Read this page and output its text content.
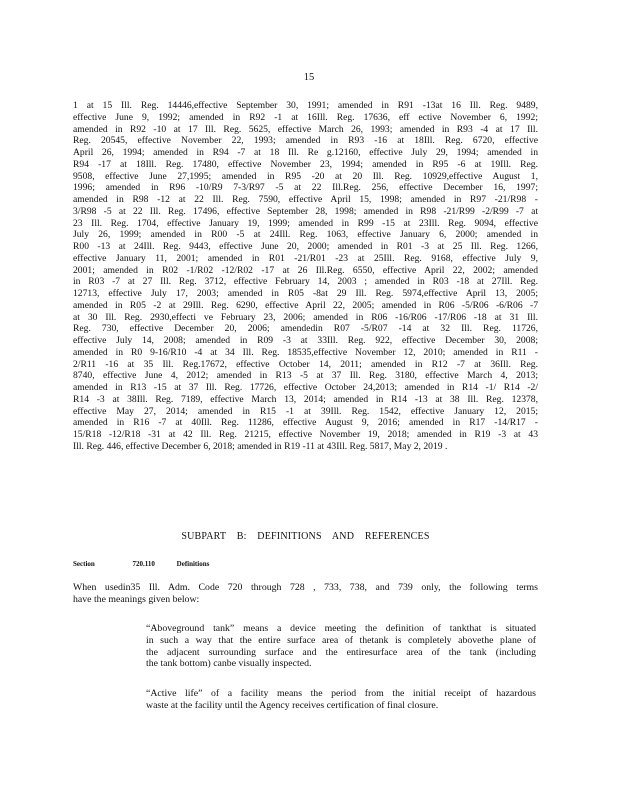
15
1 at 15 Ill. Reg. 14446,effective September 30, 1991; amended in R91 -13at 16 Ill. Reg. 9489,
effective June 9, 1992; amended in R92 -1 at 16Ill. Reg. 17636, eff ective November 6, 1992;
amended in R92 -10 at 17 Ill. Reg. 5625, effective March 26, 1993; amended in R93 -4 at 17 Ill.
Reg. 20545, effective November 22, 1993; amended in R93 -16 at 18Ill. Reg. 6720, effective
April 26, 1994; amended in R94 -7 at 18 Ill. Re g.12160, effective July 29, 1994; amended in
R94 -17 at 18Ill. Reg. 17480, effective November 23, 1994; amended in R95 -6 at 19Ill. Reg.
9508, effective June 27,1995; amended in R95 -20 at 20 Ill. Reg. 10929,effective August 1,
1996; amended in R96 -10/R9 7-3/R97 -5 at 22 Ill.Reg. 256, effective December 16, 1997;
amended in R98 -12 at 22 Ill. Reg. 7590, effective April 15, 1998; amended in R97 -21/R98 -
3/R98 -5 at 22 Ill. Reg. 17496, effective September 28, 1998; amended in R98 -21/R99 -2/R99 -7 at
23 Ill. Reg. 1704, effective January 19, 1999; amended in R99 -15 at 23Ill. Reg. 9094, effective
July 26, 1999; amended in R00 -5 at 24Ill. Reg. 1063, effective January 6, 2000; amended in
R00 -13 at 24Ill. Reg. 9443, effective June 20, 2000; amended in R01 -3 at 25 Ill. Reg. 1266,
effective January 11, 2001; amended in R01 -21/R01 -23 at 25Ill. Reg. 9168, effective July 9,
2001; amended in R02 -1/R02 -12/R02 -17 at 26 Ill.Reg. 6550, effective April 22, 2002; amended
in R03 -7 at 27 Ill. Reg. 3712, effective February 14, 2003 ; amended in R03 -18 at 27Ill. Reg.
12713, effective July 17, 2003; amended in R05 -8at 29 Ill. Reg. 5974,effective April 13, 2005;
amended in R05 -2 at 29Ill. Reg. 6290, effective April 22, 2005; amended in R06 -5/R06 -6/R06 -7
at 30 Ill. Reg. 2930,effecti ve February 23, 2006; amended in R06 -16/R06 -17/R06 -18 at 31 Ill.
Reg. 730, effective December 20, 2006; amendedin R07 -5/R07 -14 at 32 Ill. Reg. 11726,
effective July 14, 2008; amended in R09 -3 at 33Ill. Reg. 922, effective December 30, 2008;
amended in R0 9-16/R10 -4 at 34 Ill. Reg. 18535,effective November 12, 2010; amended in R11 -
2/R11 -16 at 35 Ill. Reg.17672, effective October 14, 2011; amended in R12 -7 at 36Ill. Reg.
8740, effective June 4, 2012; amended in R13 -5 at 37 Ill. Reg. 3180, effective March 4, 2013;
amended in R13 -15 at 37 Ill. Reg. 17726, effective October 24,2013; amended in R14 -1/ R14 -2/
R14 -3 at 38Ill. Reg. 7189, effective March 13, 2014; amended in R14 -13 at 38 Ill. Reg. 12378,
effective May 27, 2014; amended in R15 -1 at 39Ill. Reg. 1542, effective January 12, 2015;
amended in R16 -7 at 40Ill. Reg. 11286, effective August 9, 2016; amended in R17 -14/R17 -
15/R18 -12/R18 -31 at 42 Ill. Reg. 21215, effective November 19, 2018; amended in R19 -3 at 43
Ill. Reg. 446, effective December 6, 2018; amended in R19 -11 at 43Ill. Reg. 5817, May 2, 2019 .
SUBPART B: DEFINITIONS AND REFERENCES
Section	720.110	Definitions
When usedin35 Ill. Adm. Code 720 through 728 , 733, 738, and 739 only, the following terms
have the meanings given below:
“Aboveground tank” means a device meeting the definition of tankthat is situated
in such a way that the entire surface area of thetank is completely abovethe plane of
the adjacent surrounding surface and the entiresurface area of the tank (including
the tank bottom) canbe visually inspected.
“Active life” of a facility means the period from the initial receipt of hazardous
waste at the facility until the Agency receives certification of final closure.
